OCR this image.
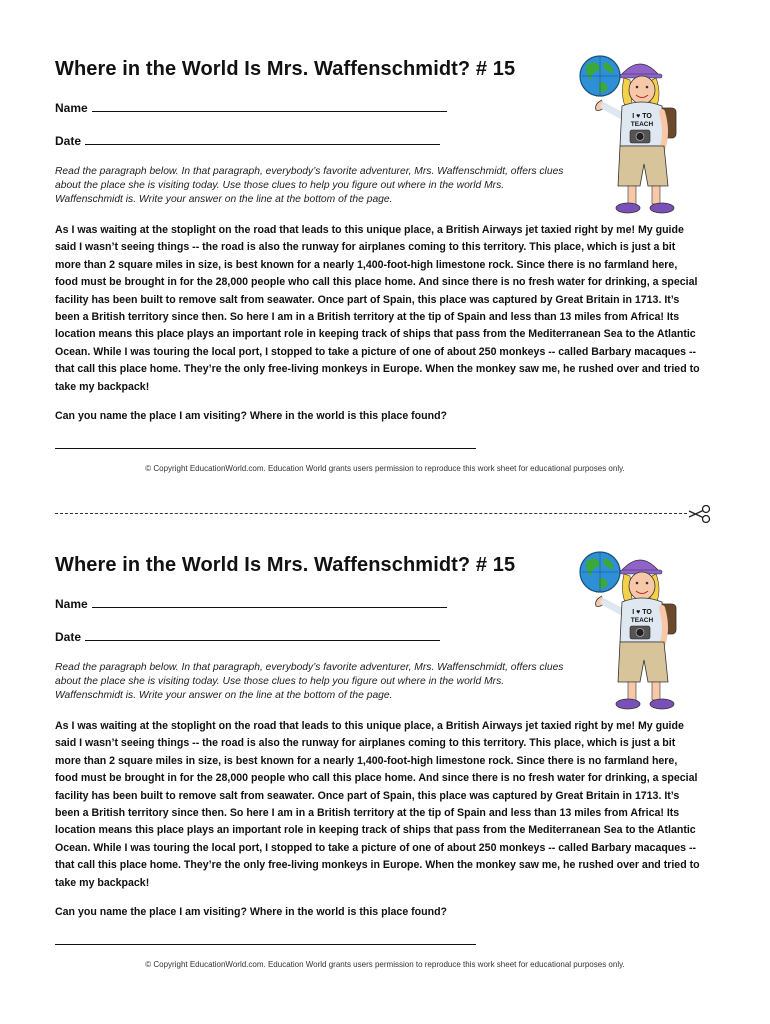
Where in the World Is Mrs. Waffenschmidt? # 15
Name
Date
Read the paragraph below. In that paragraph, everybody’s favorite adventurer, Mrs. Waffenschmidt, offers clues about the place she is visiting today. Use those clues to help you figure out where in the world Mrs. Waffenschmidt is. Write your answer on the line at the bottom of the page.
As I was waiting at the stoplight on the road that leads to this unique place, a British Airways jet taxied right by me! My guide said I wasn’t seeing things -- the road is also the runway for airplanes coming to this territory. This place, which is just a bit more than 2 square miles in size, is best known for a nearly 1,400-foot-high limestone rock. Since there is no farmland here, food must be brought in for the 28,000 people who call this place home. And since there is no fresh water for drinking, a special facility has been built to remove salt from seawater. Once part of Spain, this place was captured by Great Britain in 1713. It’s been a British territory since then. So here I am in a British territory at the tip of Spain and less than 13 miles from Africa! Its location means this place plays an important role in keeping track of ships that pass from the Mediterranean Sea to the Atlantic Ocean. While I was touring the local port, I stopped to take a picture of one of about 250 monkeys -- called Barbary macaques -- that call this place home. They’re the only free-living monkeys in Europe. When the monkey saw me, he rushed over and tried to take my backpack!
Can you name the place I am visiting? Where in the world is this place found?
© Copyright EducationWorld.com. Education World grants users permission to reproduce this work sheet for educational purposes only.
I ♥ TO
TEACH
Where in the World Is Mrs. Waffenschmidt? # 15
Name
Date
Read the paragraph below. In that paragraph, everybody’s favorite adventurer, Mrs. Waffenschmidt, offers clues about the place she is visiting today. Use those clues to help you figure out where in the world Mrs. Waffenschmidt is. Write your answer on the line at the bottom of the page.
As I was waiting at the stoplight on the road that leads to this unique place, a British Airways jet taxied right by me! My guide said I wasn’t seeing things -- the road is also the runway for airplanes coming to this territory. This place, which is just a bit more than 2 square miles in size, is best known for a nearly 1,400-foot-high limestone rock. Since there is no farmland here, food must be brought in for the 28,000 people who call this place home. And since there is no fresh water for drinking, a special facility has been built to remove salt from seawater. Once part of Spain, this place was captured by Great Britain in 1713. It’s been a British territory since then. So here I am in a British territory at the tip of Spain and less than 13 miles from Africa! Its location means this place plays an important role in keeping track of ships that pass from the Mediterranean Sea to the Atlantic Ocean. While I was touring the local port, I stopped to take a picture of one of about 250 monkeys -- called Barbary macaques -- that call this place home. They’re the only free-living monkeys in Europe. When the monkey saw me, he rushed over and tried to take my backpack!
Can you name the place I am visiting? Where in the world is this place found?
© Copyright EducationWorld.com. Education World grants users permission to reproduce this work sheet for educational purposes only.
I ♥ TO
TEACH
